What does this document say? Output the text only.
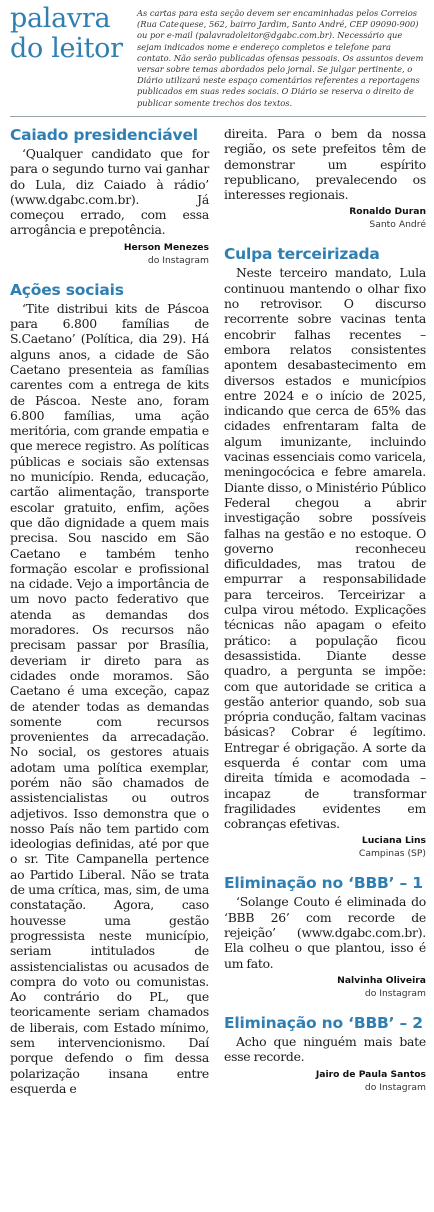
palavra

do leitor
As cartas para esta seção devem ser encaminhadas pelos Correios (Rua Catequese, 562, bairro Jardim, Santo André, CEP 09090-900) ou por e-mail (palavradoleitor@dgabc.com.br). Necessário que sejam indicados nome e endereço completos e telefone para contato. Não serão publicadas ofensas pessoais. Os assuntos devem versar sobre temas abordados pelo jornal. Se julgar pertinente, o Diário utilizará neste espaço comentários referentes a reportagens publicados em suas redes sociais. O Diário se reserva o direito de publicar somente trechos dos textos.
Caiado presidenciável

‘Qualquer candidato que for para o segundo turno vai ganhar do Lula, diz Caiado à rádio’ (www.dgabc.com.br). Já começou errado, com essa arrogância e prepotência.

Herson Menezes
do Instagram
Ações sociais

‘Tite distribui kits de Páscoa para 6.800 famílias de S.Caetano’ (Política, dia 29). Há alguns anos, a cidade de São Caetano presenteia as famílias carentes com a entrega de kits de Páscoa. Neste ano, foram 6.800 famílias, uma ação meritória, com grande empatia e que merece registro. As políticas públicas e sociais são extensas no município. Renda, educação, cartão alimentação, transporte escolar gratuito, enfim, ações que dão dignidade a quem mais precisa. Sou nascido em São Caetano e também tenho formação escolar e profissional na cidade. Vejo a importância de um novo pacto federativo que atenda as demandas dos moradores. Os recursos não precisam passar por Brasília, deveriam ir direto para as cidades onde moramos. São Caetano é uma exceção, capaz de atender todas as demandas somente com recursos provenientes da arrecadação. No social, os gestores atuais adotam uma política exemplar, porém não são chamados de assistencialistas ou outros adjetivos. Isso demonstra que o nosso País não tem partido com ideologias definidas, até por que o sr. Tite Campanella pertence ao Partido Liberal. Não se trata de uma crítica, mas, sim, de uma constatação. Agora, caso houvesse uma gestão progressista neste município, seriam intitulados de assistencialistas ou acusados de compra do voto ou comunistas. Ao contrário do PL, que teoricamente seriam chamados de liberais, com Estado mínimo, sem intervencionismo. Daí porque defendo o fim dessa polarização insana entre esquerda e

direita. Para o bem da nossa região, os sete prefeitos têm de demonstrar um espírito republicano, prevalecendo os interesses regionais.

Ronaldo Duran
Santo André
Culpa terceirizada

Neste terceiro mandato, Lula continuou mantendo o olhar fixo no retrovisor. O discurso recorrente sobre vacinas tenta encobrir falhas recentes – embora relatos consistentes apontem desabastecimento em diversos estados e municípios entre 2024 e o início de 2025, indicando que cerca de 65% das cidades enfrentaram falta de algum imunizante, incluindo vacinas essenciais como varicela, meningocócica e febre amarela. Diante disso, o Ministério Público Federal chegou a abrir investigação sobre possíveis falhas na gestão e no estoque. O governo reconheceu dificuldades, mas tratou de empurrar a responsabilidade para terceiros. Terceirizar a culpa virou método. Explicações técnicas não apagam o efeito prático: a população ficou desassistida. Diante desse quadro, a pergunta se impõe: com que autoridade se critica a gestão anterior quando, sob sua própria condução, faltam vacinas básicas? Cobrar é legítimo. Entregar é obrigação. A sorte da esquerda é contar com uma direita tímida e acomodada – incapaz de transformar fragilidades evidentes em cobranças efetivas.

Luciana Lins
Campinas (SP)
Eliminação no ‘BBB’ – 1

‘Solange Couto é eliminada do ‘BBB 26’ com recorde de rejeição’ (www.dgabc.com.br). Ela colheu o que plantou, isso é um fato.

Nalvinha Oliveira
do Instagram
Eliminação no ‘BBB’ – 2

Acho que ninguém mais bate esse recorde.

Jairo de Paula Santos
do Instagram
